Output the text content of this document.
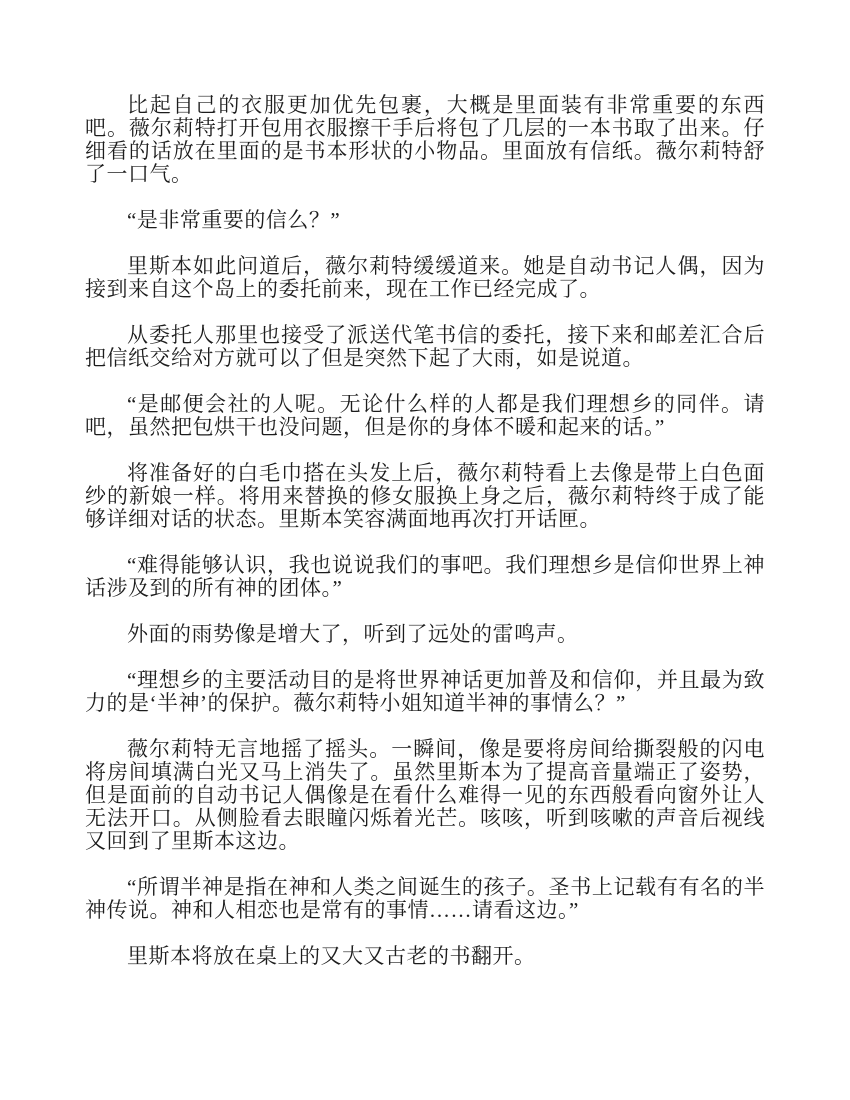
比起自己的衣服更加优先包裹，大概是里面装有非常重要的东西吧。薇尔莉特打开包用衣服擦干手后将包了几层的一本书取了出来。仔细看的话放在里面的是书本形状的小物品。里面放有信纸。薇尔莉特舒了一口气。

“是非常重要的信么？”

里斯本如此问道后，薇尔莉特缓缓道来。她是自动书记人偶，因为接到来自这个岛上的委托前来，现在工作已经完成了。

从委托人那里也接受了派送代笔书信的委托，接下来和邮差汇合后把信纸交给对方就可以了但是突然下起了大雨，如是说道。

“是邮便会社的人呢。无论什么样的人都是我们理想乡的同伴。请吧，虽然把包烘干也没问题，但是你的身体不暖和起来的话。”

将准备好的白毛巾搭在头发上后，薇尔莉特看上去像是带上白色面纱的新娘一样。将用来替换的修女服换上身之后，薇尔莉特终于成了能够详细对话的状态。里斯本笑容满面地再次打开话匣。

“难得能够认识，我也说说我们的事吧。我们理想乡是信仰世界上神话涉及到的所有神的团体。”

外面的雨势像是增大了，听到了远处的雷鸣声。

“理想乡的主要活动目的是将世界神话更加普及和信仰，并且最为致力的是‘半神’的保护。薇尔莉特小姐知道半神的事情么？”

薇尔莉特无言地摇了摇头。一瞬间，像是要将房间给撕裂般的闪电将房间填满白光又马上消失了。虽然里斯本为了提高音量端正了姿势，但是面前的自动书记人偶像是在看什么难得一见的东西般看向窗外让人无法开口。从侧脸看去眼瞳闪烁着光芒。咳咳，听到咳嗽的声音后视线又回到了里斯本这边。

“所谓半神是指在神和人类之间诞生的孩子。圣书上记载有有名的半神传说。神和人相恋也是常有的事情……请看这边。”

里斯本将放在桌上的又大又古老的书翻开。
